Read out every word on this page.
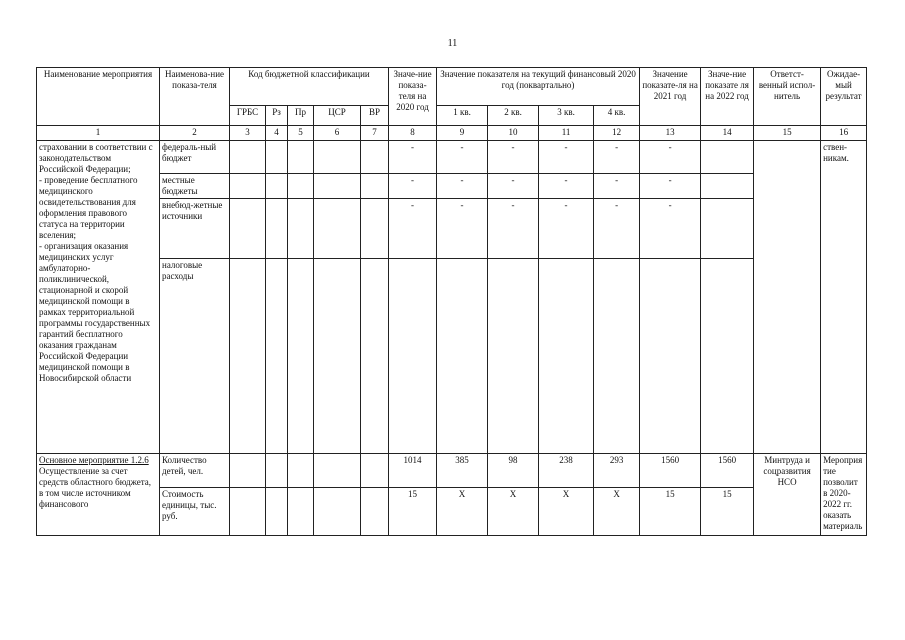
11
Наименование мероприятия	Наименова-ние показа-теля	Код бюджетной классификации					Значе-ние показа-теля на 2020 год	Значение показателя на текущий финансовый 2020 год (поквартально)				Значение показате-ля на 2021 год	Значе-ние показате ля на 2022 год	Ответст-венный испол-нитель	Ожидае-мый результат
		ГРБС	Рз	Пр	ЦСР	ВР		1 кв.	2 кв.	3 кв.	4 кв.				
1	2	3	4	5	6	7	8	9	10	11	12	13	14	15	16
страховании в соответствии с законодательством Российской Федерации;
- проведение бесплатного медицинского освидетельствования для оформления правового статуса на территории вселения;
- организация оказания медицинских услуг амбулаторно-поликлинической, стационарной и скорой медицинской помощи в рамках территориальной программы государственных гарантий бесплатного оказания гражданам Российской Федерации медицинской помощи в Новосибирской области	федераль-ный бюджет						-	-	-	-	-	-			ствен-никам.
	местные бюджеты						-	-	-	-	-	-			
	внебюд-жетные источники						-	-	-	-	-	-			
	налоговые расходы														

Основное мероприятие 1.2.6
Осуществление за счет средств областного бюджета, в том числе источником финансового	Количество детей, чел.						1014	385	98	238	293	1560	1560	Минтруда и соцразвития НСО	Мероприя тие позволит в 2020-2022 гг. оказать материаль
	Стоимость единицы, тыс. руб.						15	X	X	X	X	15	15		
